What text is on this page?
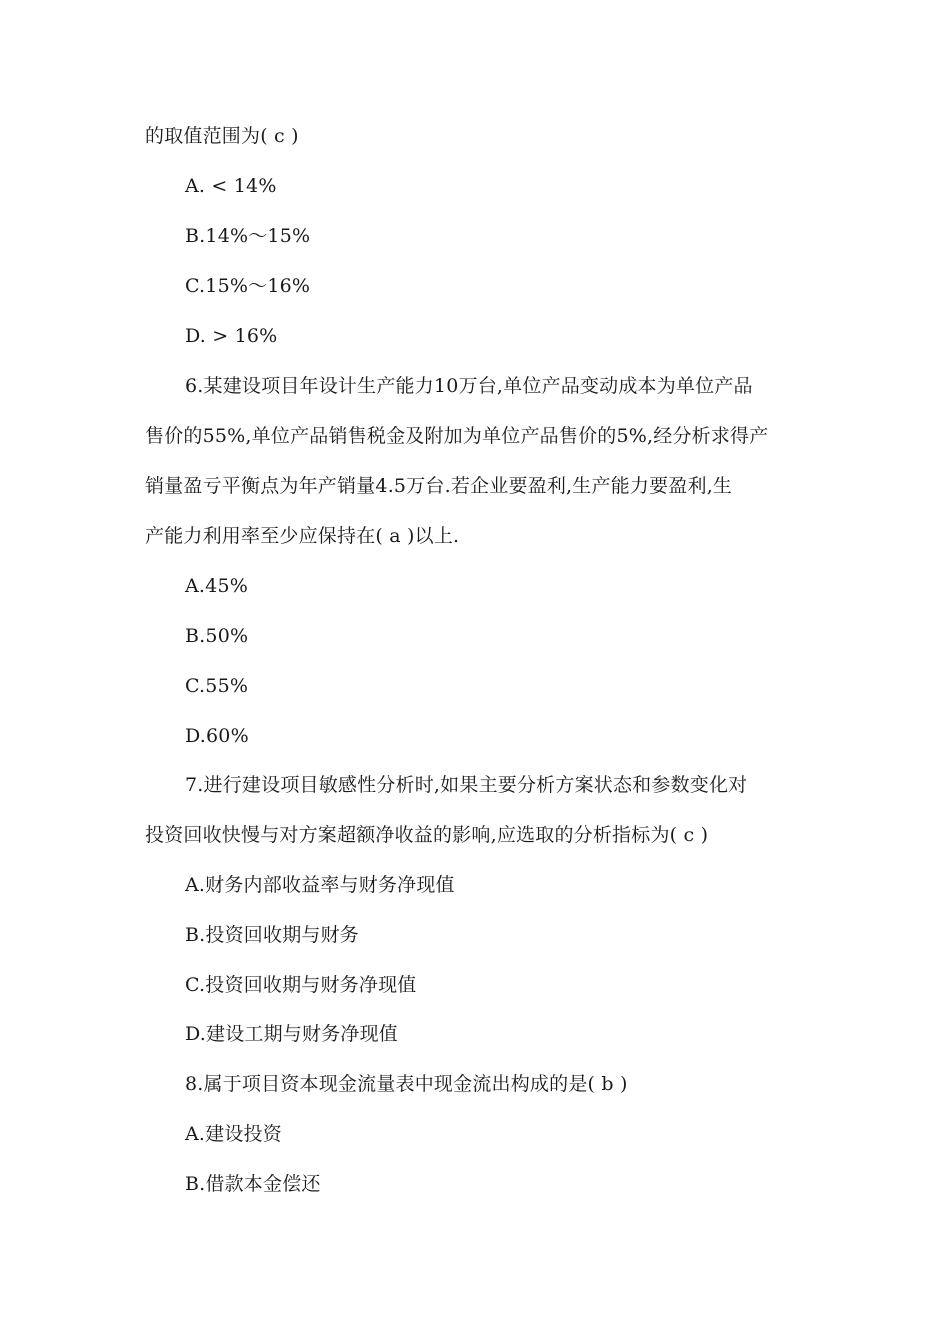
的取值范围为( c )
A. < 14%
B.14%～15%
C.15%～16%
D. > 16%
6.某建设项目年设计生产能力10万台,单位产品变动成本为单位产品
售价的55%,单位产品销售税金及附加为单位产品售价的5%,经分析求得产
销量盈亏平衡点为年产销量4.5万台.若企业要盈利,生产能力要盈利,生
产能力利用率至少应保持在( a )以上.
A.45%
B.50%
C.55%
D.60%
7.进行建设项目敏感性分析时,如果主要分析方案状态和参数变化对
投资回收快慢与对方案超额净收益的影响,应选取的分析指标为( c )
A.财务内部收益率与财务净现值
B.投资回收期与财务
C.投资回收期与财务净现值
D.建设工期与财务净现值
8.属于项目资本现金流量表中现金流出构成的是( b )
A.建设投资
B.借款本金偿还
